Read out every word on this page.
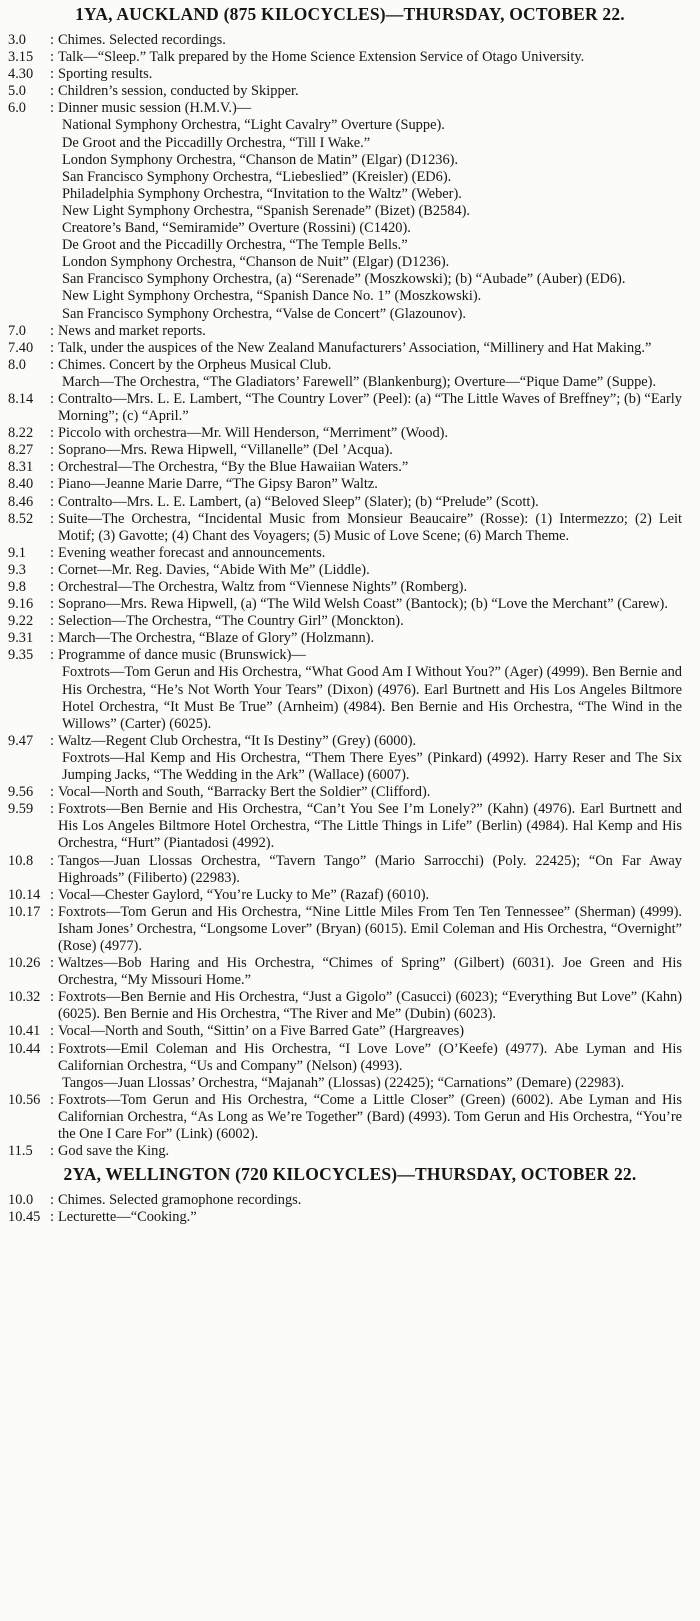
1YA, AUCKLAND (875 KILOCYCLES)—THURSDAY, OCTOBER 22.
3.0	: Chimes. Selected recordings.
3.15	: Talk—“Sleep.” Talk prepared by the Home Science Extension Service of Otago University.
4.30	: Sporting results.
5.0	: Children’s session, conducted by Skipper.
6.0	: Dinner music session (H.M.V.)—
National Symphony Orchestra, “Light Cavalry” Overture (Suppe).
De Groot and the Piccadilly Orchestra, “Till I Wake.”
London Symphony Orchestra, “Chanson de Matin” (Elgar) (D1236).
San Francisco Symphony Orchestra, “Liebeslied” (Kreisler) (ED6).
Philadelphia Symphony Orchestra, “Invitation to the Waltz” (Weber).
New Light Symphony Orchestra, “Spanish Serenade” (Bizet) (B2584).
Creatore’s Band, “Semiramide” Overture (Rossini) (C1420).
De Groot and the Piccadilly Orchestra, “The Temple Bells.”
London Symphony Orchestra, “Chanson de Nuit” (Elgar) (D1236).
San Francisco Symphony Orchestra, (a) “Serenade” (Moszkowski); (b) “Aubade” (Auber) (ED6).
New Light Symphony Orchestra, “Spanish Dance No. 1” (Moszkowski).
San Francisco Symphony Orchestra, “Valse de Concert” (Glazounov).
7.0	: News and market reports.
7.40	: Talk, under the auspices of the New Zealand Manufacturers’ Association, “Millinery and Hat Making.”
8.0	: Chimes. Concert by the Orpheus Musical Club.
March—The Orchestra, “The Gladiators’ Farewell” (Blankenburg); Overture—“Pique Dame” (Suppe).
8.14	: Contralto—Mrs. L. E. Lambert, “The Country Lover” (Peel): (a) “The Little Waves of Breffney”; (b) “Early Morning”; (c) “April.”
8.22	: Piccolo with orchestra—Mr. Will Henderson, “Merriment” (Wood).
8.27	: Soprano—Mrs. Rewa Hipwell, “Villanelle” (Del ’Acqua).
8.31	: Orchestral—The Orchestra, “By the Blue Hawaiian Waters.”
8.40	: Piano—Jeanne Marie Darre, “The Gipsy Baron” Waltz.
8.46	: Contralto—Mrs. L. E. Lambert, (a) “Beloved Sleep” (Slater); (b) “Prelude” (Scott).
8.52	: Suite—The Orchestra, “Incidental Music from Monsieur Beaucaire” (Rosse): (1) Intermezzo; (2) Leit Motif; (3) Gavotte; (4) Chant des Voyagers; (5) Music of Love Scene; (6) March Theme.
9.1	: Evening weather forecast and announcements.
9.3	: Cornet—Mr. Reg. Davies, “Abide With Me” (Liddle).
9.8	: Orchestral—The Orchestra, Waltz from “Viennese Nights” (Romberg).
9.16	: Soprano—Mrs. Rewa Hipwell, (a) “The Wild Welsh Coast” (Bantock); (b) “Love the Merchant” (Carew).
9.22	: Selection—The Orchestra, “The Country Girl” (Monckton).
9.31	: March—The Orchestra, “Blaze of Glory” (Holzmann).
9.35	: Programme of dance music (Brunswick)—
Foxtrots—Tom Gerun and His Orchestra, “What Good Am I Without You?” (Ager) (4999). Ben Bernie and His Orchestra, “He’s Not Worth Your Tears” (Dixon) (4976). Earl Burtnett and His Los Angeles Biltmore Hotel Orchestra, “It Must Be True” (Arnheim) (4984). Ben Bernie and His Orchestra, “The Wind in the Willows” (Carter) (6025).
9.47	: Waltz—Regent Club Orchestra, “It Is Destiny” (Grey) (6000).
Foxtrots—Hal Kemp and His Orchestra, “Them There Eyes” (Pinkard) (4992). Harry Reser and The Six Jumping Jacks, “The Wedding in the Ark” (Wallace) (6007).
9.56	: Vocal—North and South, “Barracky Bert the Soldier” (Clifford).
9.59	: Foxtrots—Ben Bernie and His Orchestra, “Can’t You See I’m Lonely?” (Kahn) (4976). Earl Burtnett and His Los Angeles Biltmore Hotel Orchestra, “The Little Things in Life” (Berlin) (4984). Hal Kemp and His Orchestra, “Hurt” (Piantadosi (4992).
10.8	: Tangos—Juan Llossas Orchestra, “Tavern Tango” (Mario Sarrocchi) (Poly. 22425); “On Far Away Highroads” (Filiberto) (22983).
10.14 : Vocal—Chester Gaylord, “You’re Lucky to Me” (Razaf) (6010).
10.17 : Foxtrots—Tom Gerun and His Orchestra, “Nine Little Miles From Ten Ten Tennessee” (Sherman) (4999). Isham Jones’ Orchestra, “Longsome Lover” (Bryan) (6015). Emil Coleman and His Orchestra, “Overnight” (Rose) (4977).
10.26 : Waltzes—Bob Haring and His Orchestra, “Chimes of Spring” (Gilbert) (6031). Joe Green and His Orchestra, “My Missouri Home.”
10.32 : Foxtrots—Ben Bernie and His Orchestra, “Just a Gigolo” (Casucci) (6023); “Everything But Love” (Kahn) (6025). Ben Bernie and His Orchestra, “The River and Me” (Dubin) (6023).
10.41 : Vocal—North and South, “Sittin’ on a Five Barred Gate” (Hargreaves)
10.44 : Foxtrots—Emil Coleman and His Orchestra, “I Love Love” (O’Keefe) (4977). Abe Lyman and His Californian Orchestra, “Us and Company” (Nelson) (4993).
Tangos—Juan Llossas’ Orchestra, “Majanah” (Llossas) (22425); “Carnations” (Demare) (22983).
10.56 : Foxtrots—Tom Gerun and His Orchestra, “Come a Little Closer” (Green) (6002). Abe Lyman and His Californian Orchestra, “As Long as We’re Together” (Bard) (4993). Tom Gerun and His Orchestra, “You’re the One I Care For” (Link) (6002).
11.5	: God save the King.
2YA, WELLINGTON (720 KILOCYCLES)—THURSDAY, OCTOBER 22.
10.0	: Chimes. Selected gramophone recordings.
10.45 : Lecturette—“Cooking.”
